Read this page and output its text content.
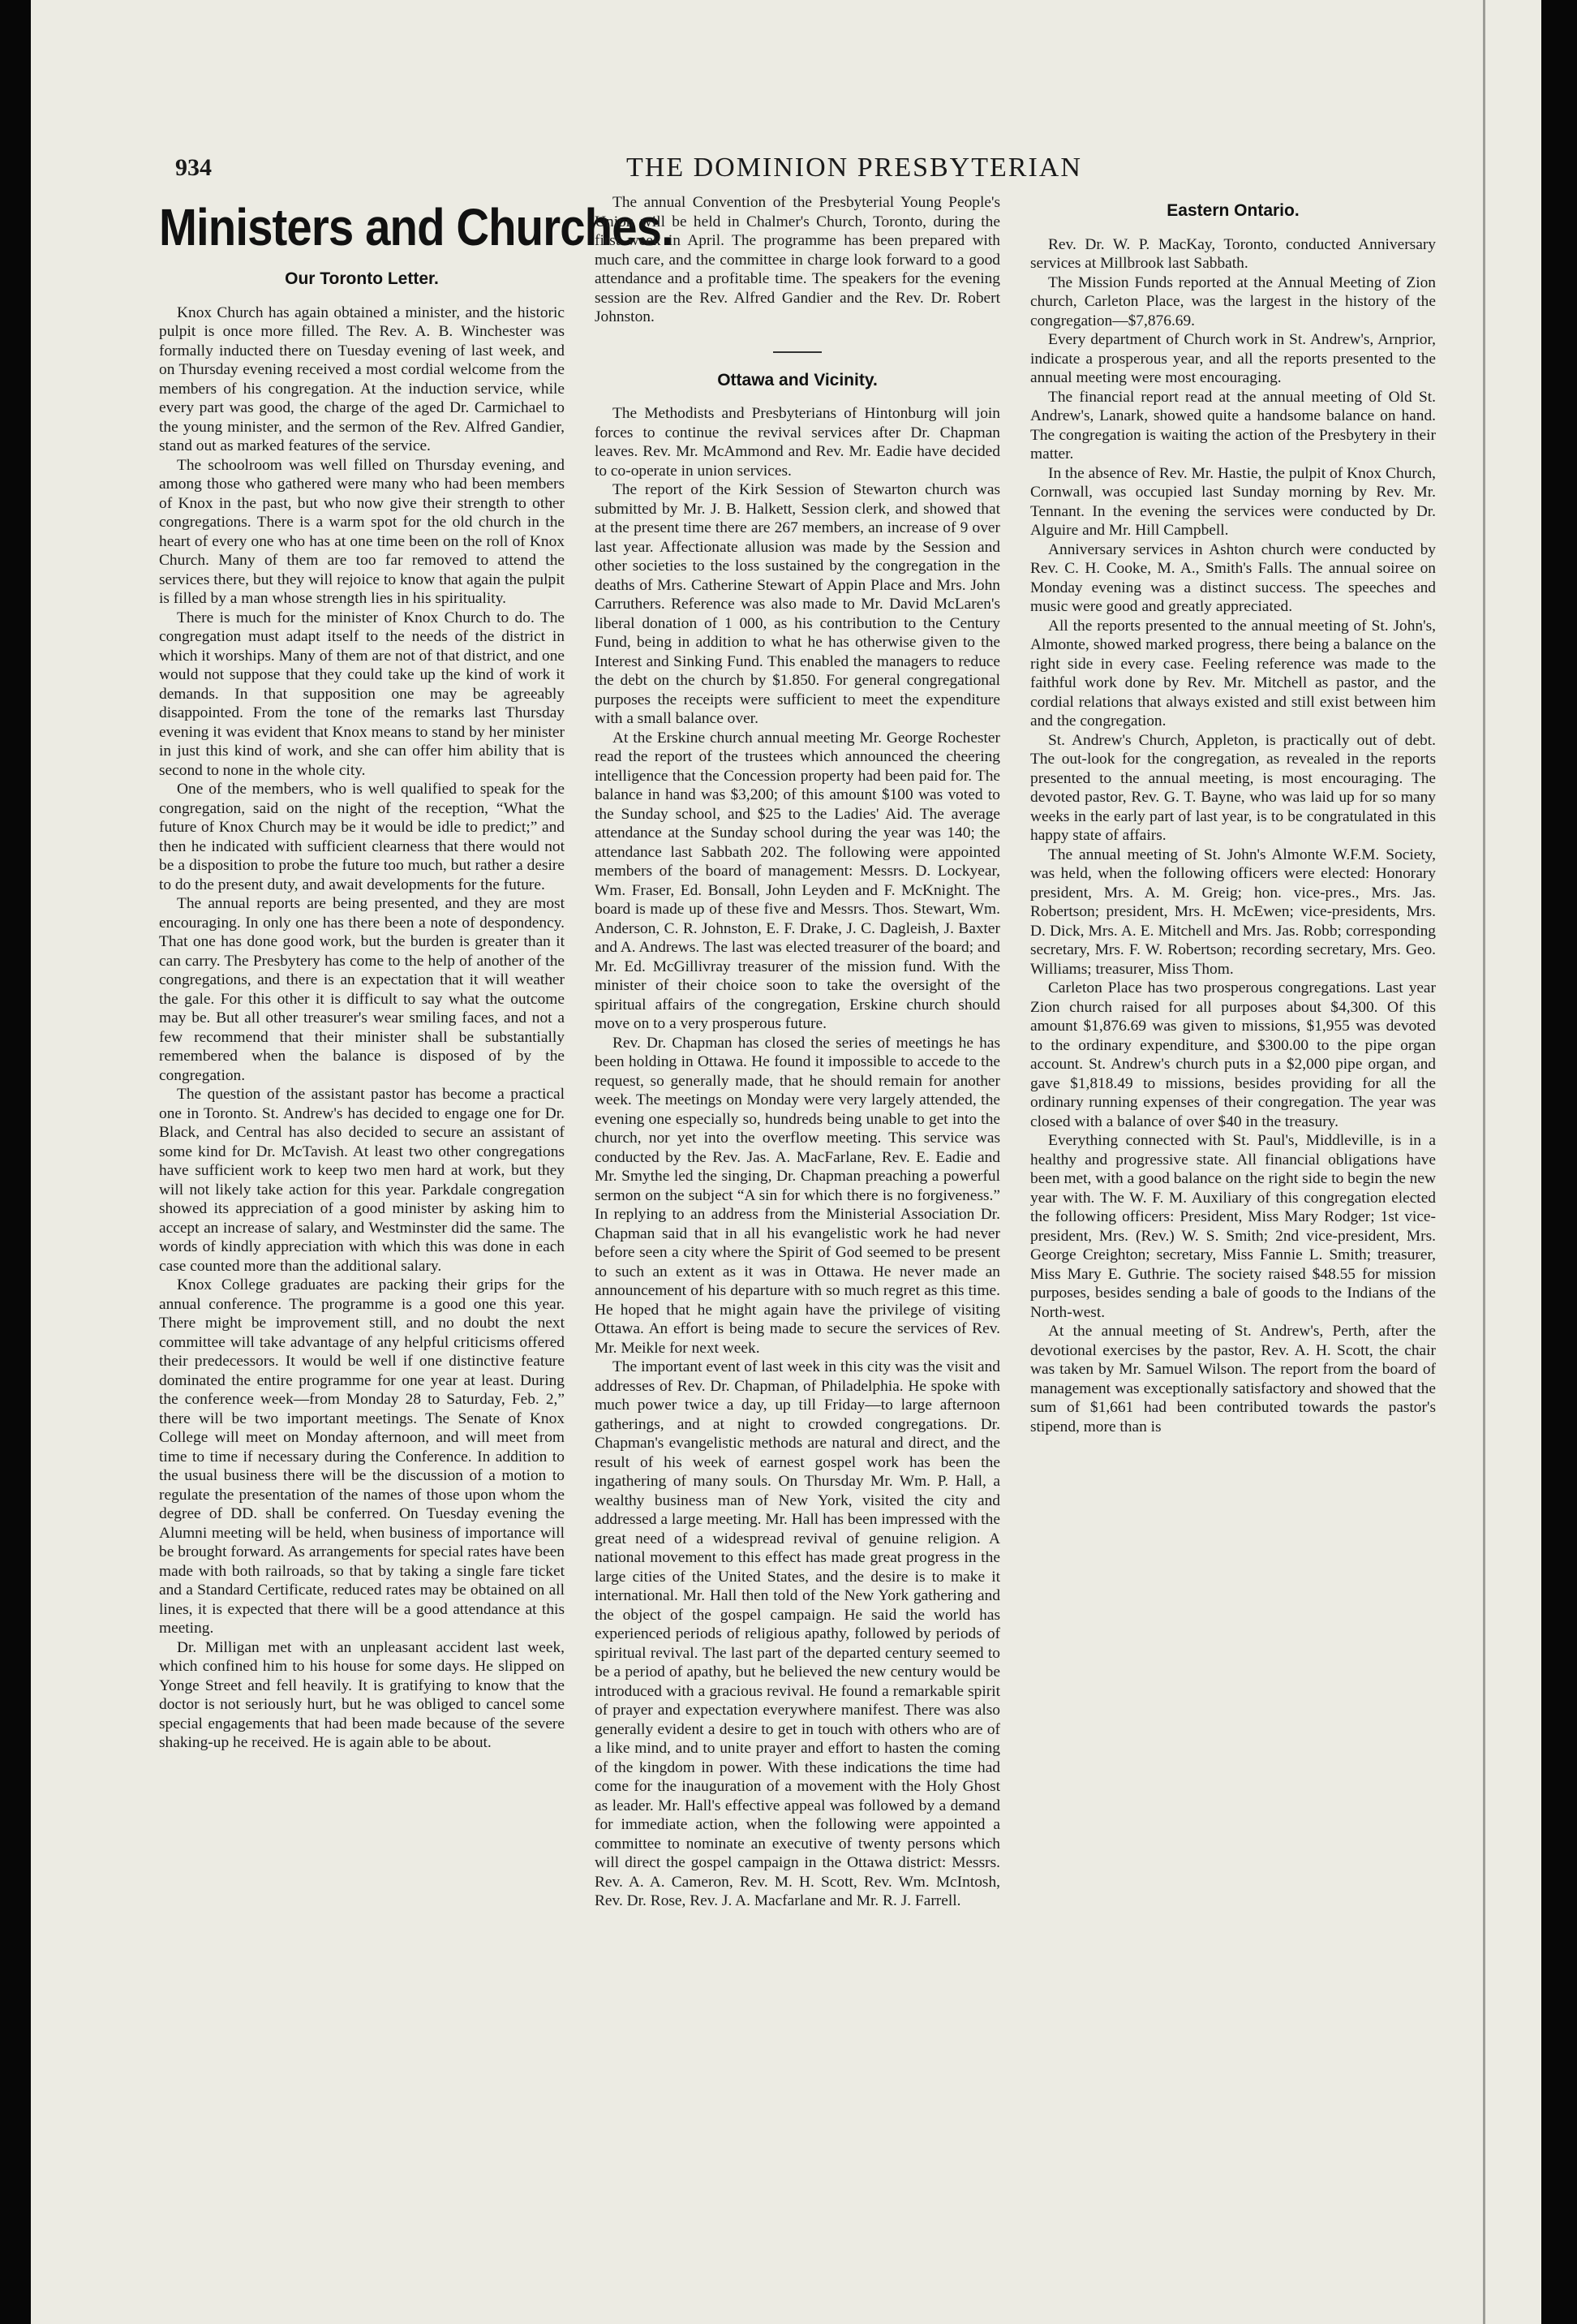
934	THE DOMINION PRESBYTERIAN

Ministers and Churches.
Our Toronto Letter.

Knox Church has again obtained a minister, and the historic pulpit is once more filled. The Rev. A. B. Winchester was formally inducted there on Tuesday evening of last week, and on Thursday evening received a most cordial welcome from the members of his congregation. At the induction service, while every part was good, the charge of the aged Dr. Carmichael to the young minister, and the sermon of the Rev. Alfred Gandier, stand out as marked features of the service.

The schoolroom was well filled on Thursday evening, and among those who gathered were many who had been members of Knox in the past, but who now give their strength to other congregations. There is a warm spot for the old church in the heart of every one who has at one time been on the roll of Knox Church. Many of them are too far removed to attend the services there, but they will rejoice to know that again the pulpit is filled by a man whose strength lies in his spirituality.

There is much for the minister of Knox Church to do. The congregation must adapt itself to the needs of the district in which it worships. Many of them are not of that district, and one would not suppose that they could take up the kind of work it demands. In that supposition one may be agreeably disappointed. From the tone of the remarks last Thursday evening it was evident that Knox means to stand by her minister in just this kind of work, and she can offer him ability that is second to none in the whole city.

One of the members, who is well qualified to speak for the congregation, said on the night of the reception, “What the future of Knox Church may be it would be idle to predict;” and then he indicated with sufficient clearness that there would not be a disposition to probe the future too much, but rather a desire to do the present duty, and await developments for the future.

The annual reports are being presented, and they are most encouraging. In only one has there been a note of despondency. That one has done good work, but the burden is greater than it can carry. The Presbytery has come to the help of another of the congregations, and there is an expectation that it will weather the gale. For this other it is difficult to say what the outcome may be. But all other treasurer's wear smiling faces, and not a few recommend that their minister shall be substantially remembered when the balance is disposed of by the congregation.

The question of the assistant pastor has become a practical one in Toronto. St. Andrew's has decided to engage one for Dr. Black, and Central has also decided to secure an assistant of some kind for Dr. McTavish. At least two other congregations have sufficient work to keep two men hard at work, but they will not likely take action for this year. Parkdale congregation showed its appreciation of a good minister by asking him to accept an increase of salary, and Westminster did the same. The words of kindly appreciation with which this was done in each case counted more than the additional salary.

Knox College graduates are packing their grips for the annual conference. The programme is a good one this year. There might be improvement still, and no doubt the next committee will take advantage of any helpful criticisms offered their predecessors. It would be well if one distinctive feature dominated the entire programme for one year at least. During the conference week—from Monday 28 to Saturday, Feb. 2,” there will be two important meetings. The Senate of Knox College will meet on Monday afternoon, and will meet from time to time if necessary during the Conference. In addition to the usual business there will be the discussion of a motion to regulate the presentation of the names of those upon whom the degree of DD. shall be conferred. On Tuesday evening the Alumni meeting will be held, when business of importance will be brought forward. As arrangements for special rates have been made with both railroads, so that by taking a single fare ticket and a Standard Certificate, reduced rates may be obtained on all lines, it is expected that there will be a good attendance at this meeting.

Dr. Milligan met with an unpleasant accident last week, which confined him to his house for some days. He slipped on Yonge Street and fell heavily. It is gratifying to know that the doctor is not seriously hurt, but he was obliged to cancel some special engagements that had been made because of the severe shaking-up he received. He is again able to be about.

The annual Convention of the Presbyterial Young People's Union will be held in Chalmer's Church, Toronto, during the first week in April. The programme has been prepared with much care, and the committee in charge look forward to a good attendance and a profitable time. The speakers for the evening session are the Rev. Alfred Gandier and the Rev. Dr. Robert Johnston.

Ottawa and Vicinity.

The Methodists and Presbyterians of Hintonburg will join forces to continue the revival services after Dr. Chapman leaves. Rev. Mr. McAmmond and Rev. Mr. Eadie have decided to co-operate in union services.

The report of the Kirk Session of Stewarton church was submitted by Mr. J. B. Halkett, Session clerk, and showed that at the present time there are 267 members, an increase of 9 over last year. Affectionate allusion was made by the Session and other societies to the loss sustained by the congregation in the deaths of Mrs. Catherine Stewart of Appin Place and Mrs. John Carruthers. Reference was also made to Mr. David McLaren's liberal donation of 1 000, as his contribution to the Century Fund, being in addition to what he has otherwise given to the Interest and Sinking Fund. This enabled the managers to reduce the debt on the church by $1.850. For general congregational purposes the receipts were sufficient to meet the expenditure with a small balance over.

At the Erskine church annual meeting Mr. George Rochester read the report of the trustees which announced the cheering intelligence that the Concession property had been paid for. The balance in hand was $3,200; of this amount $100 was voted to the Sunday school, and $25 to the Ladies' Aid. The average attendance at the Sunday school during the year was 140; the attendance last Sabbath 202. The following were appointed members of the board of management: Messrs. D. Lockyear, Wm. Fraser, Ed. Bonsall, John Leyden and F. McKnight. The board is made up of these five and Messrs. Thos. Stewart, Wm. Anderson, C. R. Johnston, E. F. Drake, J. C. Dagleish, J. Baxter and A. Andrews. The last was elected treasurer of the board; and Mr. Ed. McGillivray treasurer of the mission fund. With the minister of their choice soon to take the oversight of the spiritual affairs of the congregation, Erskine church should move on to a very prosperous future.

Rev. Dr. Chapman has closed the series of meetings he has been holding in Ottawa. He found it impossible to accede to the request, so generally made, that he should remain for another week. The meetings on Monday were very largely attended, the evening one especially so, hundreds being unable to get into the church, nor yet into the overflow meeting. This service was conducted by the Rev. Jas. A. MacFarlane, Rev. E. Eadie and Mr. Smythe led the singing, Dr. Chapman preaching a powerful sermon on the subject “A sin for which there is no forgiveness.” In replying to an address from the Ministerial Association Dr. Chapman said that in all his evangelistic work he had never before seen a city where the Spirit of God seemed to be present to such an extent as it was in Ottawa. He never made an announcement of his departure with so much regret as this time. He hoped that he might again have the privilege of visiting Ottawa. An effort is being made to secure the services of Rev. Mr. Meikle for next week.

The important event of last week in this city was the visit and addresses of Rev. Dr. Chapman, of Philadelphia. He spoke with much power twice a day, up till Friday—to large afternoon gatherings, and at night to crowded congregations. Dr. Chapman's evangelistic methods are natural and direct, and the result of his week of earnest gospel work has been the ingathering of many souls. On Thursday Mr. Wm. P. Hall, a wealthy business man of New York, visited the city and addressed a large meeting. Mr. Hall has been impressed with the great need of a widespread revival of genuine religion. A national movement to this effect has made great progress in the large cities of the United States, and the desire is to make it international. Mr. Hall then told of the New York gathering and the object of the gospel campaign. He said the world has experienced periods of religious apathy, followed by periods of spiritual revival. The last part of the departed century seemed to be a period of apathy, but he believed the new century would be introduced with a gracious revival. He found a remarkable spirit of prayer and expectation everywhere manifest. There was also generally evident a desire to get in touch with others who are of a like mind, and to unite prayer and effort to hasten the coming of the kingdom in power. With these indications the time had come for the inauguration of a movement with the Holy Ghost as leader. Mr. Hall's effective appeal was followed by a demand for immediate action, when the following were appointed a committee to nominate an executive of twenty persons which will direct the gospel campaign in the Ottawa district: Messrs. Rev. A. A. Cameron, Rev. M. H. Scott, Rev. Wm. McIntosh, Rev. Dr. Rose, Rev. J. A. Macfarlane and Mr. R. J. Farrell.

Eastern Ontario.

Rev. Dr. W. P. MacKay, Toronto, conducted Anniversary services at Millbrook last Sabbath.

The Mission Funds reported at the Annual Meeting of Zion church, Carleton Place, was the largest in the history of the congregation—$7,876.69.

Every department of Church work in St. Andrew's, Arnprior, indicate a prosperous year, and all the reports presented to the annual meeting were most encouraging.

The financial report read at the annual meeting of Old St. Andrew's, Lanark, showed quite a handsome balance on hand. The congregation is waiting the action of the Presbytery in their matter.

In the absence of Rev. Mr. Hastie, the pulpit of Knox Church, Cornwall, was occupied last Sunday morning by Rev. Mr. Tennant. In the evening the services were conducted by Dr. Alguire and Mr. Hill Campbell.

Anniversary services in Ashton church were conducted by Rev. C. H. Cooke, M. A., Smith's Falls. The annual soiree on Monday evening was a distinct success. The speeches and music were good and greatly appreciated.

All the reports presented to the annual meeting of St. John's, Almonte, showed marked progress, there being a balance on the right side in every case. Feeling reference was made to the faithful work done by Rev. Mr. Mitchell as pastor, and the cordial relations that always existed and still exist between him and the congregation.

St. Andrew's Church, Appleton, is practically out of debt. The out-look for the congregation, as revealed in the reports presented to the annual meeting, is most encouraging. The devoted pastor, Rev. G. T. Bayne, who was laid up for so many weeks in the early part of last year, is to be congratulated in this happy state of affairs.

The annual meeting of St. John's Almonte W.F.M. Society, was held, when the following officers were elected: Honorary president, Mrs. A. M. Greig; hon. vice-pres., Mrs. Jas. Robertson; president, Mrs. H. McEwen; vice-presidents, Mrs. D. Dick, Mrs. A. E. Mitchell and Mrs. Jas. Robb; corresponding secretary, Mrs. F. W. Robertson; recording secretary, Mrs. Geo. Williams; treasurer, Miss Thom.

Carleton Place has two prosperous congregations. Last year Zion church raised for all purposes about $4,300. Of this amount $1,876.69 was given to missions, $1,955 was devoted to the ordinary expenditure, and $300.00 to the pipe organ account. St. Andrew's church puts in a $2,000 pipe organ, and gave $1,818.49 to missions, besides providing for all the ordinary running expenses of their congregation. The year was closed with a balance of over $40 in the treasury.

Everything connected with St. Paul's, Middleville, is in a healthy and progressive state. All financial obligations have been met, with a good balance on the right side to begin the new year with. The W. F. M. Auxiliary of this congregation elected the following officers: President, Miss Mary Rodger; 1st vice-president, Mrs. (Rev.) W. S. Smith; 2nd vice-president, Mrs. George Creighton; secretary, Miss Fannie L. Smith; treasurer, Miss Mary E. Guthrie. The society raised $48.55 for mission purposes, besides sending a bale of goods to the Indians of the North-west.

At the annual meeting of St. Andrew's, Perth, after the devotional exercises by the pastor, Rev. A. H. Scott, the chair was taken by Mr. Samuel Wilson. The report from the board of management was exceptionally satisfactory and showed that the sum of $1,661 had been contributed towards the pastor's stipend, more than is
